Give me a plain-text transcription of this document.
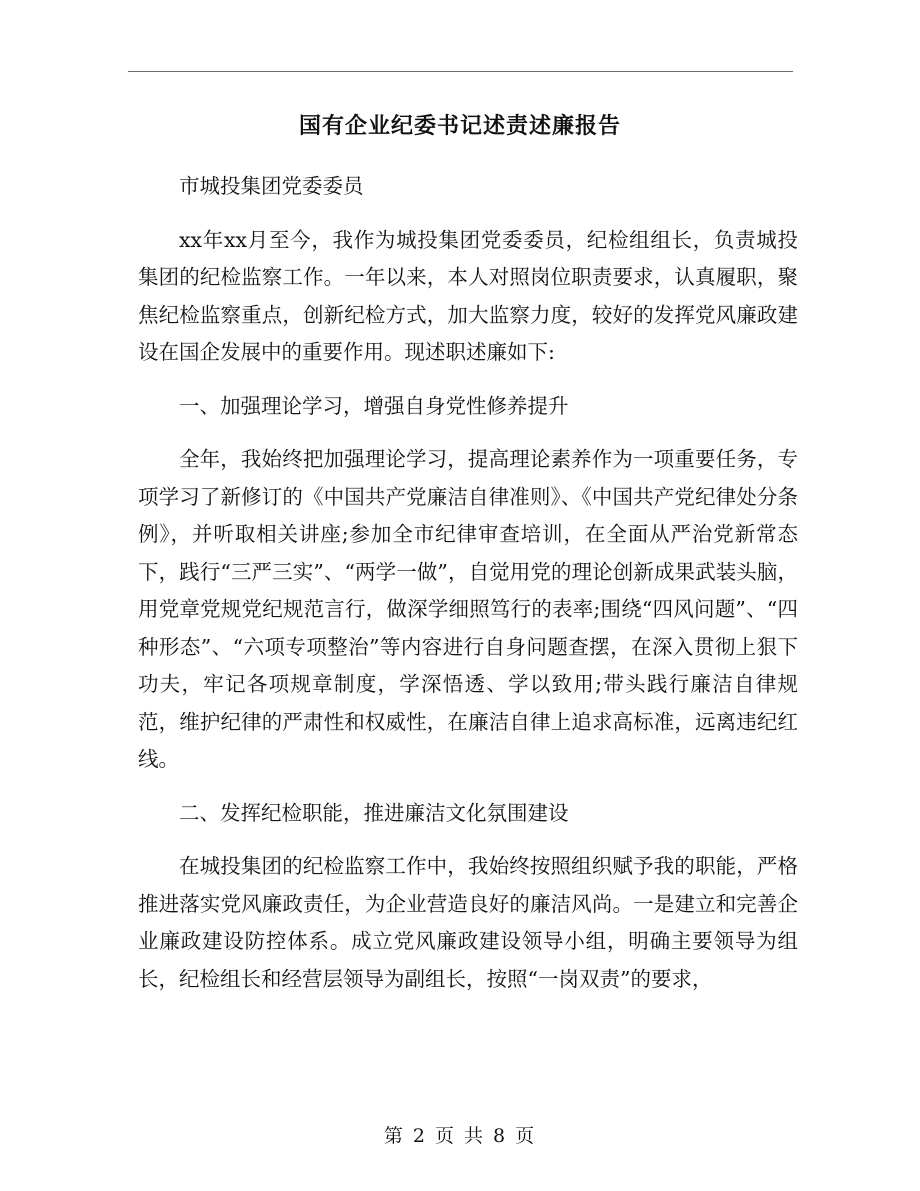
国有企业纪委书记述责述廉报告

市城投集团党委委员

xx年xx月至今，我作为城投集团党委委员，纪检组组长，负责城投集团的纪检监察工作。一年以来，本人对照岗位职责要求，认真履职，聚焦纪检监察重点，创新纪检方式，加大监察力度，较好的发挥党风廉政建设在国企发展中的重要作用。现述职述廉如下:

一、加强理论学习，增强自身党性修养提升

全年，我始终把加强理论学习，提高理论素养作为一项重要任务，专项学习了新修订的《中国共产党廉洁自律准则》、《中国共产党纪律处分条例》，并听取相关讲座;参加全市纪律审查培训，在全面从严治党新常态下，践行“三严三实”、“两学一做”，自觉用党的理论创新成果武装头脑，用党章党规党纪规范言行，做深学细照笃行的表率;围绕“四风问题”、“四种形态”、“六项专项整治”等内容进行自身问题查摆，在深入贯彻上狠下功夫，牢记各项规章制度，学深悟透、学以致用;带头践行廉洁自律规范，维护纪律的严肃性和权威性，在廉洁自律上追求高标准，远离违纪红线。

二、发挥纪检职能，推进廉洁文化氛围建设

在城投集团的纪检监察工作中，我始终按照组织赋予我的职能，严格推进落实党风廉政责任，为企业营造良好的廉洁风尚。一是建立和完善企业廉政建设防控体系。成立党风廉政建设领导小组，明确主要领导为组长，纪检组长和经营层领导为副组长，按照“一岗双责”的要求，

第 2 页 共 8 页
